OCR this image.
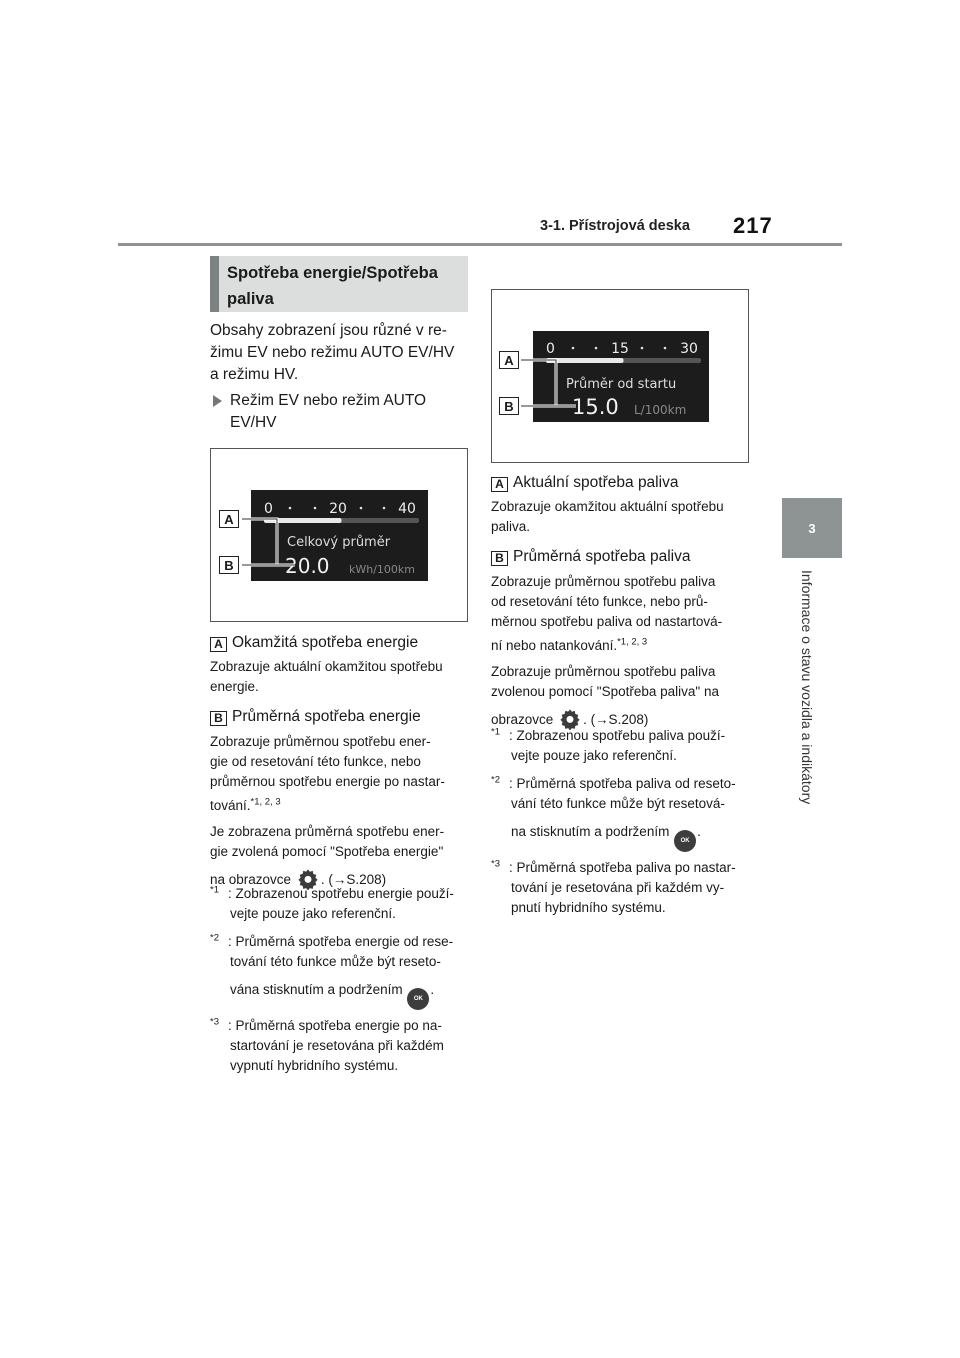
3-1. Přístrojová deska 217
3
Informace o stavu vozidla a indikátory
Spotřeba energie/Spotřeba
paliva

Obsahy zobrazení jsou různé v re-

žimu EV nebo režimu AUTO EV/HV

a režimu HV.

Režim EV nebo režim AUTO

EV/HV

0	20	40
Celkový průměr
20.0 kWh/100km
A
B

A Okamžitá spotřeba energie

Zobrazuje aktuální okamžitou spotřebu

energie.

B Průměrná spotřeba energie

Zobrazuje průměrnou spotřebu ener-

gie od resetování této funkce, nebo

průměrnou spotřebu energie po nastar-

tování.$^{*1, 2, 3}$

Je zobrazena průměrná spotřebu ener-

gie zvolená pomocí "Spotřeba energie"

na obrazovce . (→S.208)

$^{*1}$ : Zobrazenou spotřebu energie použí-

vejte pouze jako referenční.

$^{*2}$ : Průměrná spotřeba energie od rese-

tování této funkce může být reseto-

vána stisknutím a podržením OK.

$^{*3}$ : Průměrná spotřeba energie po na-

startování je resetována při každém

vypnutí hybridního systému.

0	15	30
Průměr od startu
15.0 L/100km
A
B

A Aktuální spotřeba paliva

Zobrazuje okamžitou aktuální spotřebu

paliva.

B Průměrná spotřeba paliva

Zobrazuje průměrnou spotřebu paliva

od resetování této funkce, nebo prů-

měrnou spotřebu paliva od nastartová-

ní nebo natankování.$^{*1, 2, 3}$

Zobrazuje průměrnou spotřebu paliva

zvolenou pomocí "Spotřeba paliva" na

obrazovce . (→S.208)

$^{*1}$ : Zobrazenou spotřebu paliva použí-

vejte pouze jako referenční.

$^{*2}$ : Průměrná spotřeba paliva od reseto-

vání této funkce může být resetová-

na stisknutím a podržením OK.

$^{*3}$ : Průměrná spotřeba paliva po nastar-

tování je resetována při každém vy-

pnutí hybridního systému.
